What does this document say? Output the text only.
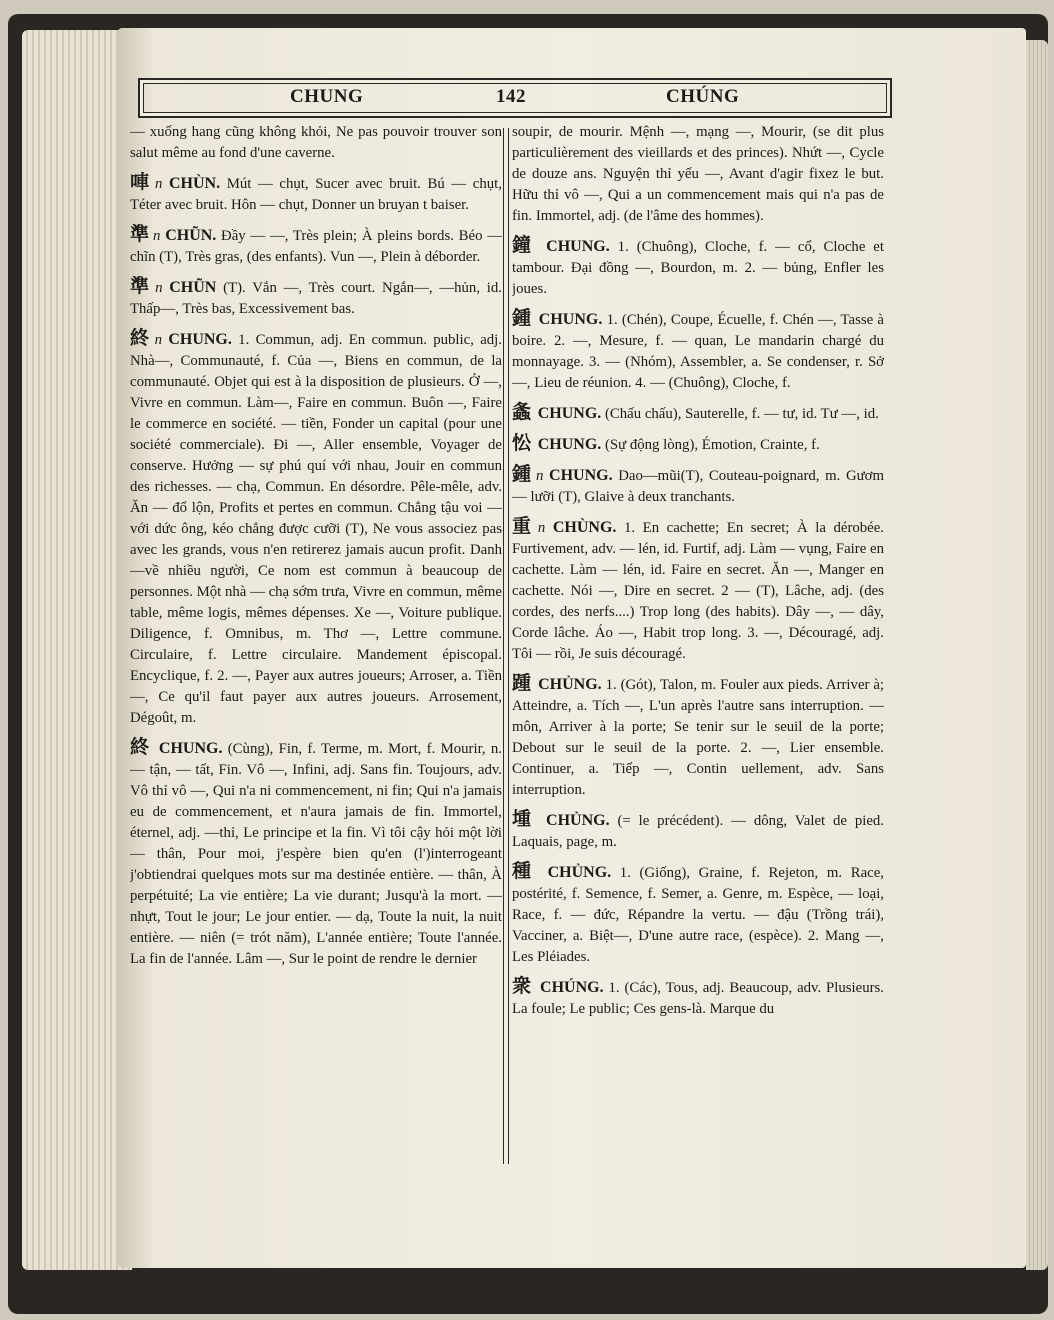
CHUNG	142	CHÚNG

— xuống hang cũng không khỏi, Ne pas pouvoir trouver son salut même au fond d'une caverne.

唓 n CHÙN. Mút — chụt, Sucer avec bruit. Bú — chụt, Téter avec bruit. Hôn — chụt, Donner un bruyan t baiser.

準 n CHŨN. Đầy — —, Très plein; À pleins bords. Béo — chĩn (T), Très gras, (des enfants). Vun —, Plein à déborder.

準 n CHŨN (T). Vắn —, Très court. Ngắn—, —hủn, id. Thấp—, Très bas, Excessivement bas.

終 n CHUNG. 1. Commun, adj. En commun. public, adj. Nhà—, Communauté, f. Của —, Biens en commun, de la communauté. Objet qui est à la disposition de plusieurs. Ở —, Vivre en commun. Làm—, Faire en commun. Buôn —, Faire le commerce en société. — tiền, Fonder un capital (pour une société commerciale). Đi —, Aller ensemble, Voyager de conserve. Hưởng — sự phú quí với nhau, Jouir en commun des richesses. — chạ, Commun. En désordre. Pêle-mêle, adv. Ăn — đổ lộn, Profits et pertes en commun. Chẳng tậu voi — với dức ông, kéo chẳng được cưỡi (T), Ne vous associez pas avec les grands, vous n'en retirerez jamais aucun profit. Danh—về nhiều người, Ce nom est commun à beaucoup de personnes. Một nhà — chạ sớm trưa, Vivre en commun, même table, même logis, mêmes dépenses. Xe —, Voiture publique. Diligence, f. Omnibus, m. Thơ —, Lettre commune. Circulaire, f. Lettre circulaire. Mandement épiscopal. Encyclique, f. 2. —, Payer aux autres joueurs; Arroser, a. Tiền —, Ce qu'il faut payer aux autres joueurs. Arrosement, Dégoût, m.

終 CHUNG. (Cùng), Fin, f. Terme, m. Mort, f. Mourir, n. — tận, — tất, Fin. Vô —, Infini, adj. Sans fin. Toujours, adv. Vô thỉ vô —, Qui n'a ni commencement, ni fin; Qui n'a jamais eu de commencement, et n'aura jamais de fin. Immortel, éternel, adj. —thỉ, Le principe et la fin. Vì tôi cậy hỏi một lời — thân, Pour moi, j'espère bien qu'en (l')interrogeant j'obtiendrai quelques mots sur ma destinée entière. — thân, À perpétuité; La vie entière; La vie durant; Jusqu'à la mort. — nhựt, Tout le jour; Le jour entier. — dạ, Toute la nuit, la nuit entière. — niên (= trót năm), L'année entière; Toute l'année. La fin de l'année. Lâm —, Sur le point de rendre le dernier

soupir, de mourir. Mệnh —, mạng —, Mourir, (se dit plus particulièrement des vieillards et des princes). Nhứt —, Cycle de douze ans. Nguyện thỉ yếu —, Avant d'agir fixez le but. Hữu thỉ vô —, Qui a un commencement mais qui n'a pas de fin. Immortel, adj. (de l'âme des hommes).

鐘 CHUNG. 1. (Chuông), Cloche, f. — cổ, Cloche et tambour. Đại đồng —, Bourdon, m. 2. — bủng, Enfler les joues.

鍾 CHUNG. 1. (Chén), Coupe, Écuelle, f. Chén —, Tasse à boire. 2. —, Mesure, f. — quan, Le mandarin chargé du monnayage. 3. — (Nhóm), Assembler, a. Se condenser, r. Sở—, Lieu de réunion. 4. — (Chuông), Cloche, f.

螽 CHUNG. (Chấu chấu), Sauterelle, f. — tư, id. Tư —, id.

忪 CHUNG. (Sự động lòng), Émotion, Crainte, f.

鍾 n CHUNG. Dao—mũi(T), Couteau-poignard, m. Gươm — lưỡi (T), Glaive à deux tranchants.

重 n CHÙNG. 1. En cachette; En secret; À la dérobée. Furtivement, adv. — lén, id. Furtif, adj. Làm — vụng, Faire en cachette. Làm — lén, id. Faire en secret. Ăn —, Manger en cachette. Nói —, Dire en secret. 2 — (T), Lâche, adj. (des cordes, des nerfs....) Trop long (des habits). Dây —, — dây, Corde lâche. Áo —, Habit trop long. 3. —, Découragé, adj. Tôi — rồi, Je suis découragé.

踵 CHỦNG. 1. (Gót), Talon, m. Fouler aux pieds. Arriver à; Atteindre, a. Tích —, L'un après l'autre sans interruption. — môn, Arriver à la porte; Se tenir sur le seuil de la porte; Debout sur le seuil de la porte. 2. —, Lier ensemble. Continuer, a. Tiếp —, Contin uellement, adv. Sans interruption.

堹 CHỦNG. (= le précédent). — dông, Valet de pied. Laquais, page, m.

種 CHỦNG. 1. (Giống), Graine, f. Rejeton, m. Race, postérité, f. Semence, f. Semer, a. Genre, m. Espèce, — loại, Race, f. — đức, Répandre la vertu. — đậu (Trồng trái), Vacciner, a. Biệt—, D'une autre race, (espèce). 2. Mang —, Les Pléiades.

衆 CHÚNG. 1. (Các), Tous, adj. Beaucoup, adv. Plusieurs. La foule; Le public; Ces gens-là. Marque du
